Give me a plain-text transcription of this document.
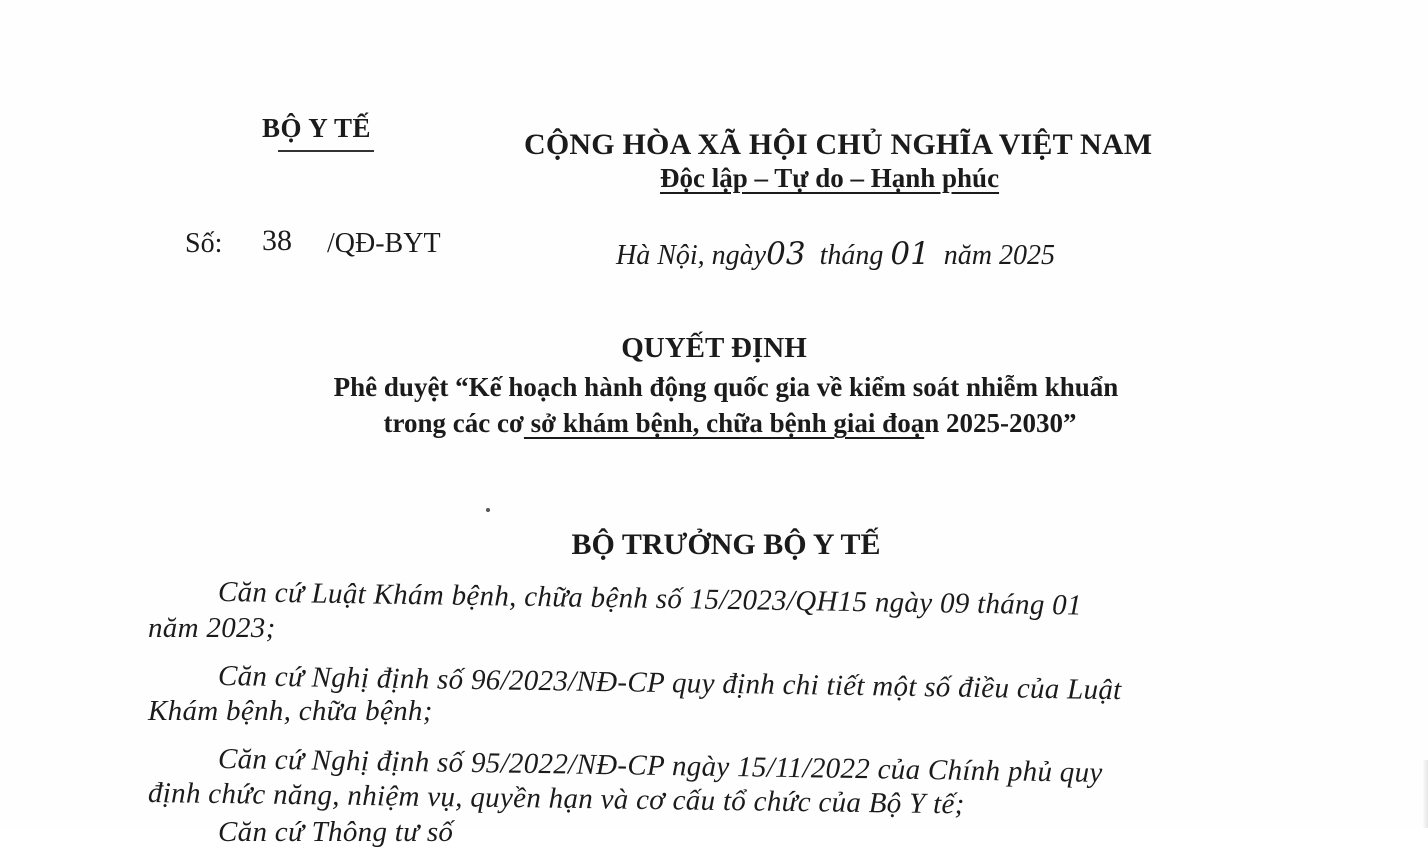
BỘ Y TẾ	CỘNG HÒA XÃ HỘI CHỦ NGHĨA VIỆT NAM
Độc lập – Tự do – Hạnh phúc
Số: 38 /QĐ-BYT	Hà Nội, ngày03 tháng 01 năm 2025
QUYẾT ĐỊNH
Phê duyệt “Kế hoạch hành động quốc gia về kiểm soát nhiễm khuẩn
trong các cơ sở khám bệnh, chữa bệnh giai đoạn 2025-2030”
BỘ TRƯỞNG BỘ Y TẾ
Căn cứ Luật Khám bệnh, chữa bệnh số 15/2023/QH15 ngày 09 tháng 01
năm 2023;
Căn cứ Nghị định số 96/2023/NĐ-CP quy định chi tiết một số điều của Luật
Khám bệnh, chữa bệnh;
Căn cứ Nghị định số 95/2022/NĐ-CP ngày 15/11/2022 của Chính phủ quy
định chức năng, nhiệm vụ, quyền hạn và cơ cấu tổ chức của Bộ Y tế;
Căn cứ Thông tư số
